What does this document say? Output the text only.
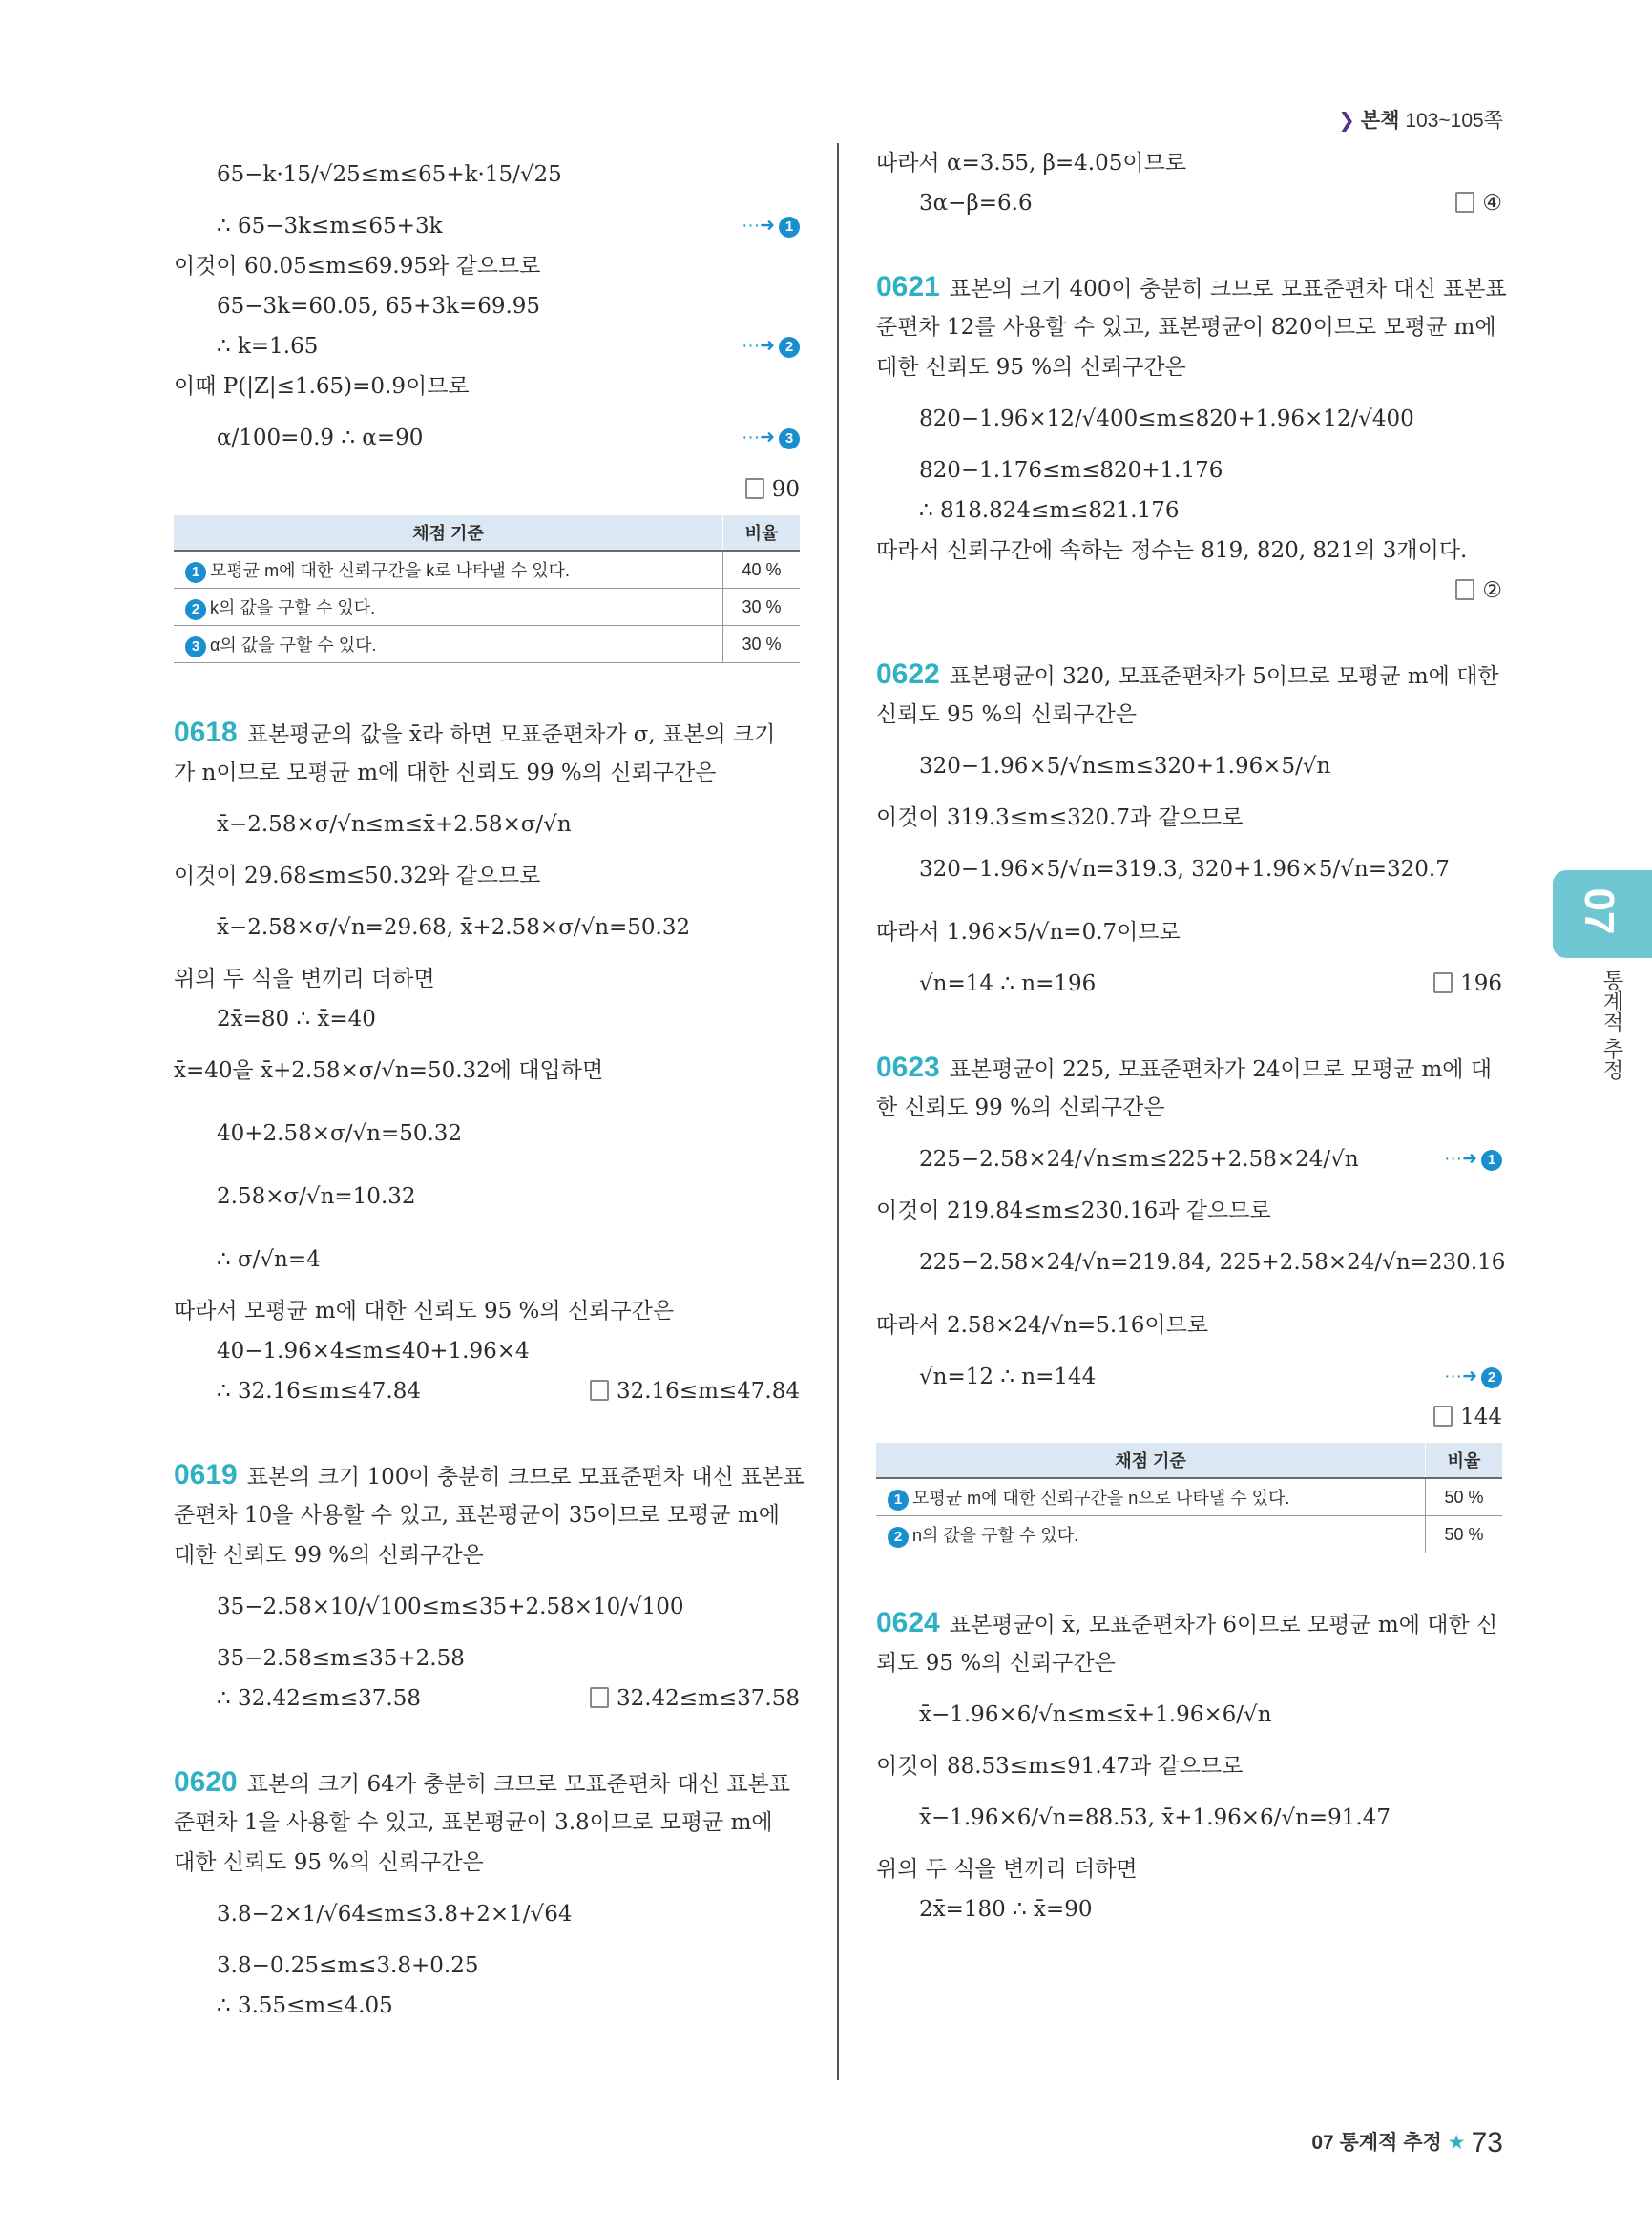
❯ 본책 103~105쪽
65−k·15/√25≤m≤65+k·15/√25
∴ 65−3k≤m≤65+3k	···➜ 1
이것이 60.05≤m≤69.95와 같으므로
65−3k=60.05, 65+3k=69.95
∴ k=1.65	···➜ 2
이때 P(|Z|≤1.65)=0.9이므로
α/100=0.9 ∴ α=90	···➜ 3
90
채점 기준	비율
1 모평균 m에 대한 신뢰구간을 k로 나타낼 수 있다.	40 %
2 k의 값을 구할 수 있다.	30 %
3 α의 값을 구할 수 있다.	30 %
0618 표본평균의 값을 x̄라 하면 모표준편차가 σ, 표본의 크기
가 n이므로 모평균 m에 대한 신뢰도 99 %의 신뢰구간은
x̄−2.58×σ/√n≤m≤x̄+2.58×σ/√n
이것이 29.68≤m≤50.32와 같으므로
x̄−2.58×σ/√n=29.68, x̄+2.58×σ/√n=50.32
위의 두 식을 변끼리 더하면
2x̄=80 ∴ x̄=40
x̄=40을 x̄+2.58×σ/√n=50.32에 대입하면
40+2.58×σ/√n=50.32
2.58×σ/√n=10.32
∴ σ/√n=4
따라서 모평균 m에 대한 신뢰도 95 %의 신뢰구간은
40−1.96×4≤m≤40+1.96×4
∴ 32.16≤m≤47.84	32.16≤m≤47.84
0619 표본의 크기 100이 충분히 크므로 모표준편차 대신 표본표
준편차 10을 사용할 수 있고, 표본평균이 35이므로 모평균 m에
대한 신뢰도 99 %의 신뢰구간은
35−2.58×10/√100≤m≤35+2.58×10/√100
35−2.58≤m≤35+2.58
∴ 32.42≤m≤37.58	32.42≤m≤37.58
0620 표본의 크기 64가 충분히 크므로 모표준편차 대신 표본표
준편차 1을 사용할 수 있고, 표본평균이 3.8이므로 모평균 m에
대한 신뢰도 95 %의 신뢰구간은
3.8−2×1/√64≤m≤3.8+2×1/√64
3.8−0.25≤m≤3.8+0.25
∴ 3.55≤m≤4.05
따라서 α=3.55, β=4.05이므로
3α−β=6.6	④
0621 표본의 크기 400이 충분히 크므로 모표준편차 대신 표본표
준편차 12를 사용할 수 있고, 표본평균이 820이므로 모평균 m에
대한 신뢰도 95 %의 신뢰구간은
820−1.96×12/√400≤m≤820+1.96×12/√400
820−1.176≤m≤820+1.176
∴ 818.824≤m≤821.176
따라서 신뢰구간에 속하는 정수는 819, 820, 821의 3개이다.
②
0622 표본평균이 320, 모표준편차가 5이므로 모평균 m에 대한
신뢰도 95 %의 신뢰구간은
320−1.96×5/√n≤m≤320+1.96×5/√n
이것이 319.3≤m≤320.7과 같으므로
320−1.96×5/√n=319.3, 320+1.96×5/√n=320.7
따라서 1.96×5/√n=0.7이므로
√n=14 ∴ n=196	196
0623 표본평균이 225, 모표준편차가 24이므로 모평균 m에 대
한 신뢰도 99 %의 신뢰구간은
225−2.58×24/√n≤m≤225+2.58×24/√n	···➜ 1
이것이 219.84≤m≤230.16과 같으므로
225−2.58×24/√n=219.84, 225+2.58×24/√n=230.16
따라서 2.58×24/√n=5.16이므로
√n=12 ∴ n=144	···➜ 2
144
채점 기준	비율
1 모평균 m에 대한 신뢰구간을 n으로 나타낼 수 있다.	50 %
2 n의 값을 구할 수 있다.	50 %
0624 표본평균이 x̄, 모표준편차가 6이므로 모평균 m에 대한 신
뢰도 95 %의 신뢰구간은
x̄−1.96×6/√n≤m≤x̄+1.96×6/√n
이것이 88.53≤m≤91.47과 같으므로
x̄−1.96×6/√n=88.53, x̄+1.96×6/√n=91.47
위의 두 식을 변끼리 더하면
2x̄=180 ∴ x̄=90
07
통계적 추정
07 통계적 추정 ★ 73
